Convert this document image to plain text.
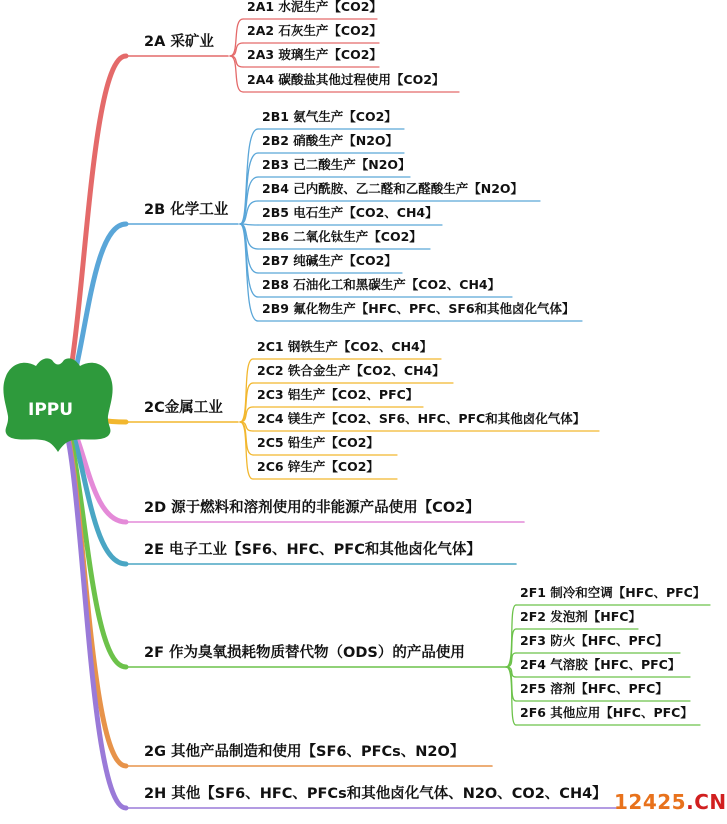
2A 采矿业
2A1 水泥生产【CO2】
2A2 石灰生产【CO2】
2A3 玻璃生产【CO2】
2A4 碳酸盐其他过程使用【CO2】
2B 化学工业
2B1 氨气生产【CO2】
2B2 硝酸生产【N2O】
2B3 己二酸生产【N2O】
2B4 己内酰胺、乙二醛和乙醛酸生产【N2O】
2B5 电石生产【CO2、CH4】
2B6 二氧化钛生产【CO2】
2B7 纯碱生产【CO2】
2B8 石油化工和黑碳生产【CO2、CH4】
2B9 氟化物生产【HFC、PFC、SF6和其他卤化气体】
2C金属工业
2C1 钢铁生产【CO2、CH4】
2C2 铁合金生产【CO2、CH4】
2C3 铝生产【CO2、PFC】
2C4 镁生产【CO2、SF6、HFC、PFC和其他卤化气体】
2C5 铅生产【CO2】
2C6 锌生产【CO2】
2D 源于燃料和溶剂使用的非能源产品使用【CO2】
2E 电子工业【SF6、HFC、PFC和其他卤化气体】
2F 作为臭氧损耗物质替代物（ODS）的产品使用
2F1 制冷和空调【HFC、PFC】
2F2 发泡剂【HFC】
2F3 防火【HFC、PFC】
2F4 气溶胶【HFC、PFC】
2F5 溶剂【HFC、PFC】
2F6 其他应用【HFC、PFC】
2G 其他产品制造和使用【SF6、PFCs、N2O】
2H 其他【SF6、HFC、PFCs和其他卤化气体、N2O、CO2、CH4】
IPPU
12425.CN
